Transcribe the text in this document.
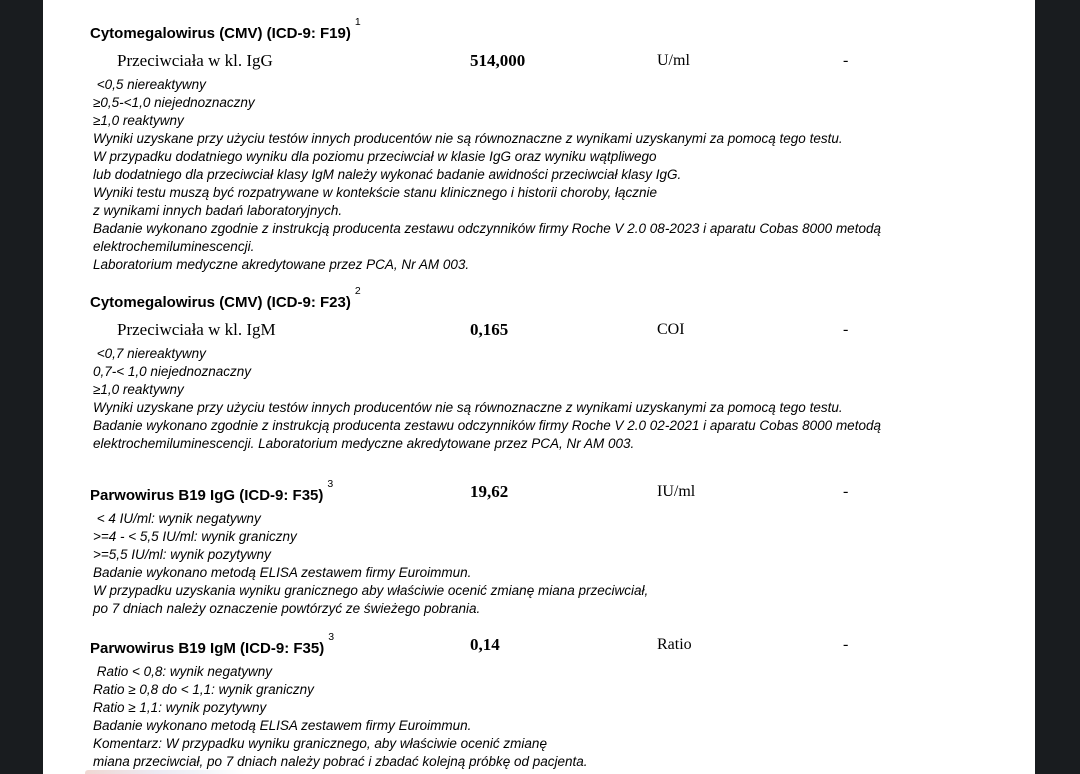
Cytomegalowirus (CMV) (ICD-9: F19)$^1$
Przeciwciała w kl. IgG	514,000	U/ml	-
<0,5 niereaktywny
≥0,5-<1,0 niejednoznaczny
≥1,0 reaktywny
Wyniki uzyskane przy użyciu testów innych producentów nie są równoznaczne z wynikami uzyskanymi za pomocą tego testu.
W przypadku dodatniego wyniku dla poziomu przeciwciał w klasie IgG oraz wyniku wątpliwego
lub dodatniego dla przeciwciał klasy IgM należy wykonać badanie awidności przeciwciał klasy IgG.
Wyniki testu muszą być rozpatrywane w kontekście stanu klinicznego i historii choroby, łącznie
z wynikami innych badań laboratoryjnych.
Badanie wykonano zgodnie z instrukcją producenta zestawu odczynników firmy Roche V 2.0 08-2023 i aparatu Cobas 8000 metodą
elektrochemiluminescencji.
Laboratorium medyczne akredytowane przez PCA, Nr AM 003.
Cytomegalowirus (CMV) (ICD-9: F23)$^2$
Przeciwciała w kl. IgM	0,165	COI	-
<0,7 niereaktywny
0,7-< 1,0 niejednoznaczny
≥1,0 reaktywny
Wyniki uzyskane przy użyciu testów innych producentów nie są równoznaczne z wynikami uzyskanymi za pomocą tego testu.
Badanie wykonano zgodnie z instrukcją producenta zestawu odczynników firmy Roche V 2.0 02-2021 i aparatu Cobas 8000 metodą
elektrochemiluminescencji. Laboratorium medyczne akredytowane przez PCA, Nr AM 003.
Parwowirus B19 IgG (ICD-9: F35)$^3$	19,62	IU/ml	-
< 4 IU/ml: wynik negatywny
>=4 - < 5,5 IU/ml: wynik graniczny
>=5,5 IU/ml: wynik pozytywny
Badanie wykonano metodą ELISA zestawem firmy Euroimmun.
W przypadku uzyskania wyniku granicznego aby właściwie ocenić zmianę miana przeciwciał,
po 7 dniach należy oznaczenie powtórzyć ze świeżego pobrania.
Parwowirus B19 IgM (ICD-9: F35)$^3$	0,14	Ratio	-
Ratio < 0,8: wynik negatywny
Ratio ≥ 0,8 do < 1,1: wynik graniczny
Ratio ≥ 1,1: wynik pozytywny
Badanie wykonano metodą ELISA zestawem firmy Euroimmun.
Komentarz: W przypadku wyniku granicznego, aby właściwie ocenić zmianę
miana przeciwciał, po 7 dniach należy pobrać i zbadać kolejną próbkę od pacjenta.
